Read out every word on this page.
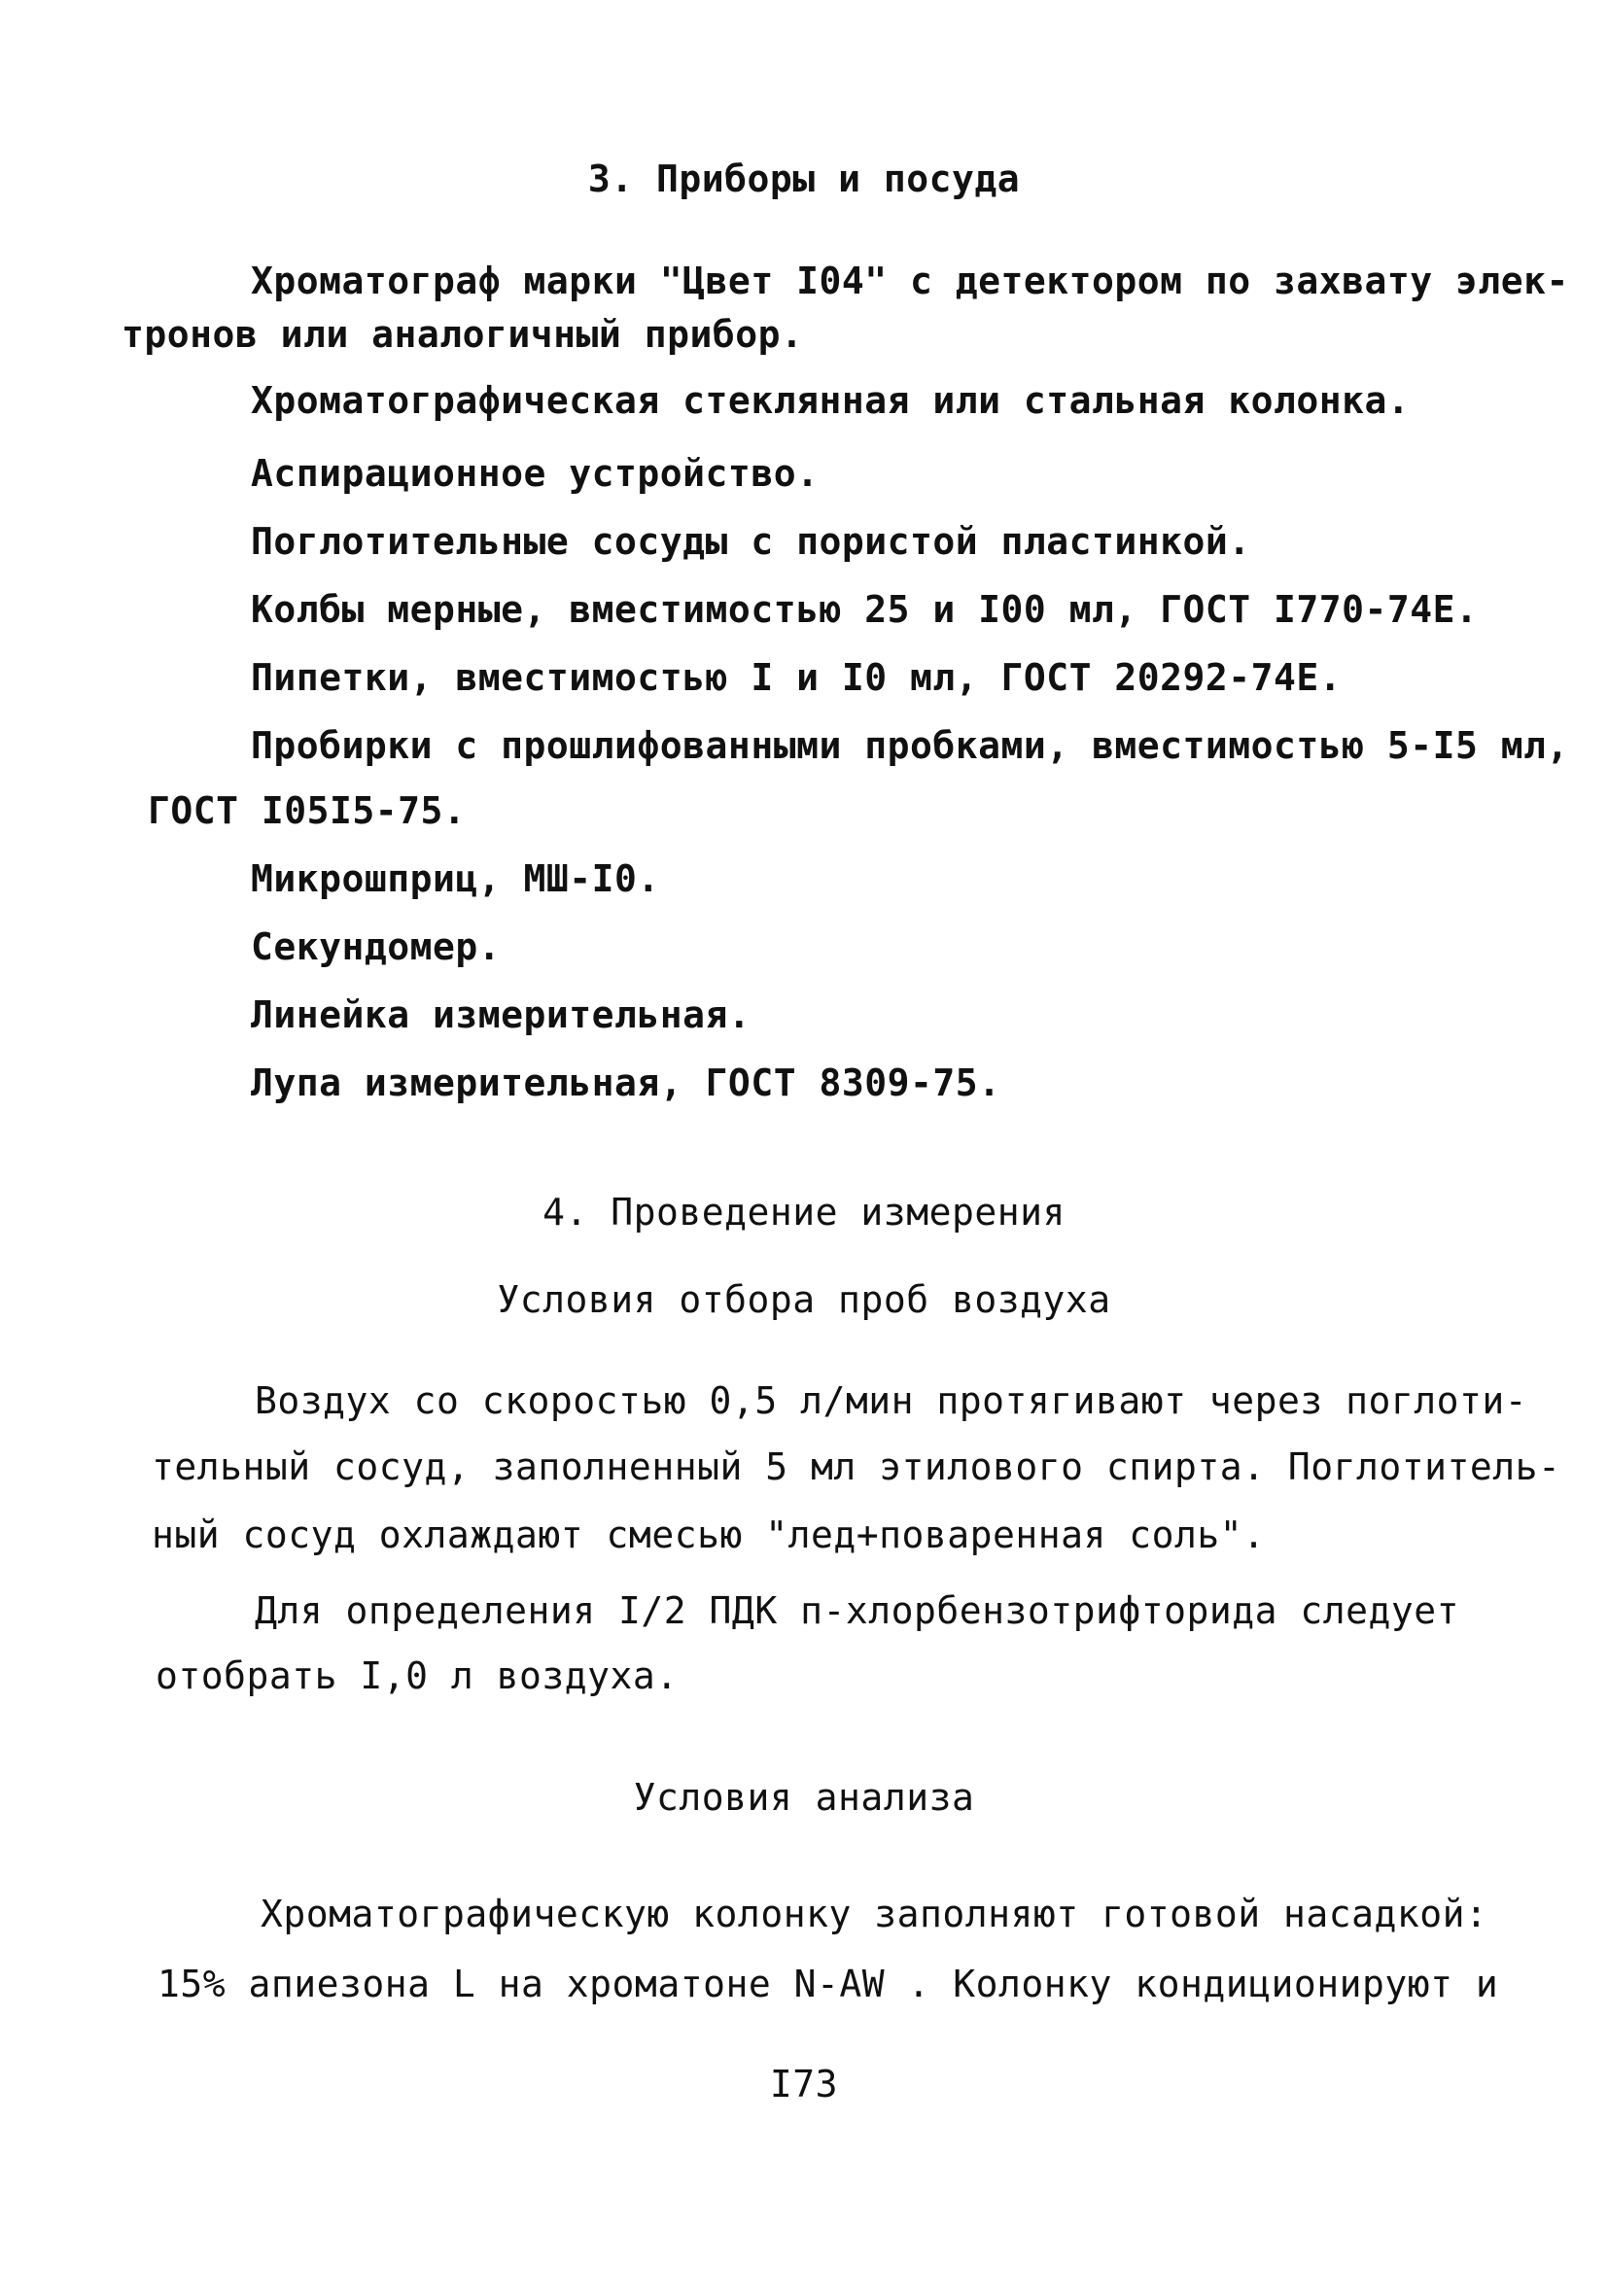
3. Приборы и посуда
Хроматограф марки "Цвет I04" с детектором по захвату элек-
тронов или аналогичный прибор.
Хроматографическая стеклянная или стальная колонка.
Аспирационное устройство.
Поглотительные сосуды с пористой пластинкой.
Колбы мерные, вместимостью 25 и I00 мл, ГОСТ I770-74Е.
Пипетки, вместимостью I и I0 мл, ГОСТ 20292-74Е.
Пробирки с прошлифованными пробками, вместимостью 5-I5 мл,
ГОСТ I05I5-75.
Микрошприц, МШ-I0.
Секундомер.
Линейка измерительная.
Лупа измерительная, ГОСТ 8309-75.
4. Проведение измерения
Условия отбора проб воздуха
Воздух со скоростью 0,5 л/мин протягивают через поглоти-
тельный сосуд, заполненный 5 мл этилового спирта. Поглотитель-
ный сосуд охлаждают смесью "лед+поваренная соль".
Для определения I/2 ПДК п-хлорбензотрифторида следует
отобрать I,0 л воздуха.
Условия анализа
Хроматографическую колонку заполняют готовой насадкой:
15% апиезона L на хроматоне N-AW . Колонку кондиционируют и
I73
